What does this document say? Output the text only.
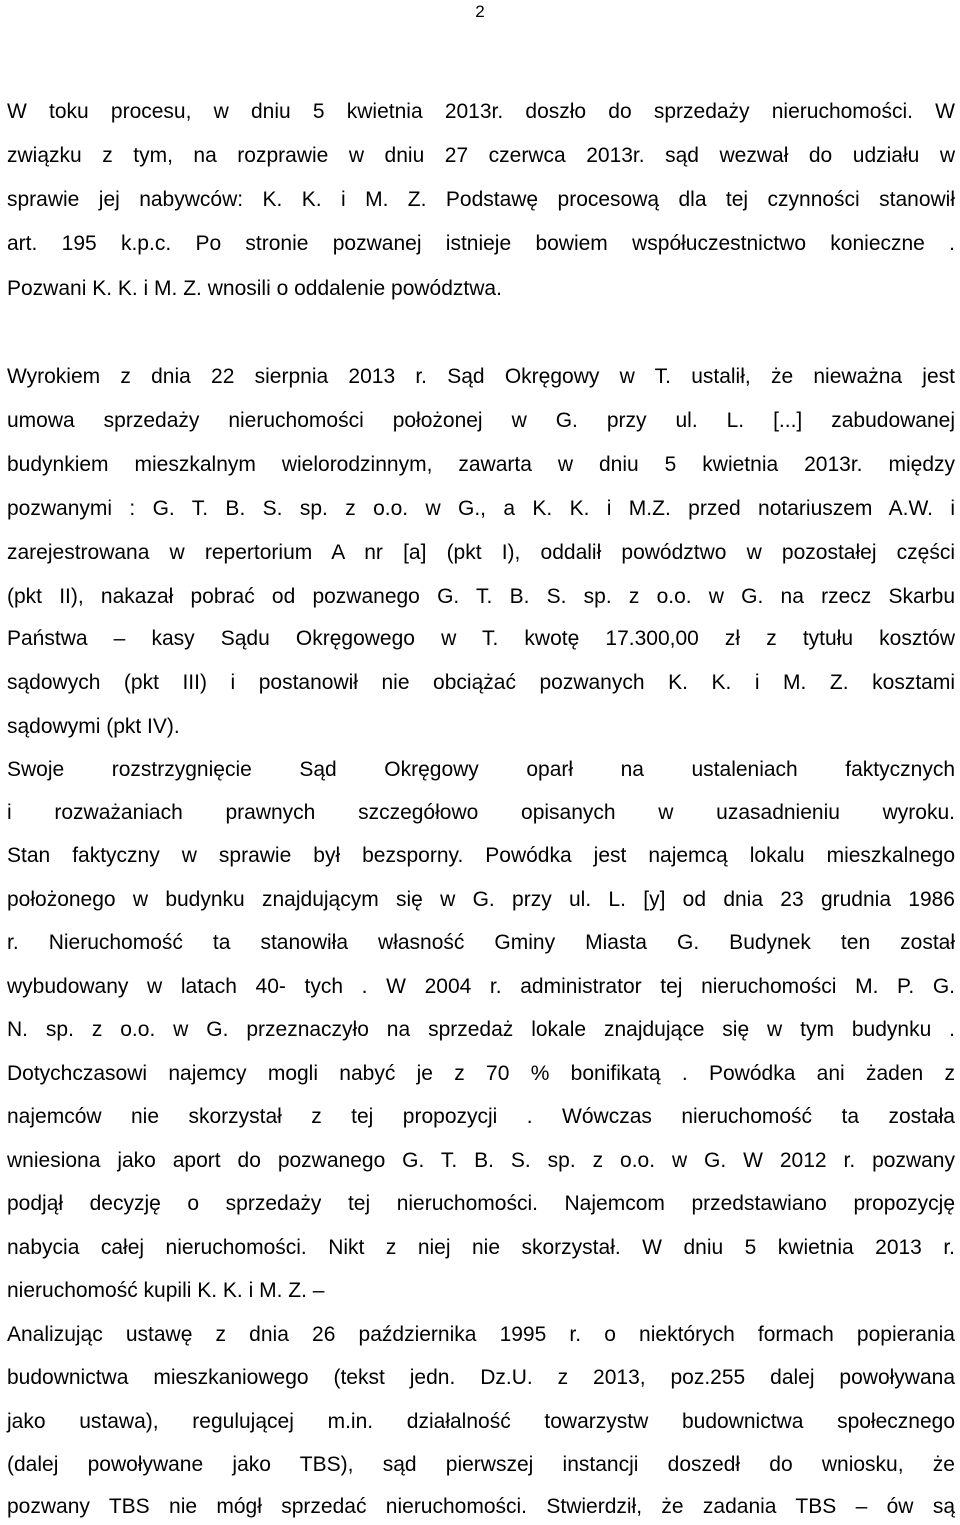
2
W toku procesu, w dniu 5 kwietnia 2013r. doszło do sprzedaży nieruchomości. W
związku z tym, na rozprawie w dniu 27 czerwca 2013r. sąd wezwał do udziału w
sprawie jej nabywców: K. K. i M. Z. Podstawę procesową dla tej czynności stanowił
art. 195 k.p.c. Po stronie pozwanej istnieje bowiem współuczestnictwo konieczne .
Pozwani K. K. i M. Z. wnosili o oddalenie powództwa.
Wyrokiem z dnia 22 sierpnia 2013 r. Sąd Okręgowy w T. ustalił, że nieważna jest
umowa sprzedaży nieruchomości położonej w G. przy ul. L. [...] zabudowanej
budynkiem mieszkalnym wielorodzinnym, zawarta w dniu 5 kwietnia 2013r. między
pozwanymi : G. T. B. S. sp. z o.o. w G., a K. K. i M.Z. przed notariuszem A.W. i
zarejestrowana w repertorium A nr [a] (pkt I), oddalił powództwo w pozostałej części
(pkt II), nakazał pobrać od pozwanego G. T. B. S. sp. z o.o. w G. na rzecz Skarbu
Państwa – kasy Sądu Okręgowego w T. kwotę 17.300,00 zł z tytułu kosztów
sądowych (pkt III) i postanowił nie obciążać pozwanych K. K. i M. Z. kosztami
sądowymi (pkt IV).
Swoje rozstrzygnięcie Sąd Okręgowy oparł na ustaleniach faktycznych
i rozważaniach prawnych szczegółowo opisanych w uzasadnieniu wyroku.
Stan faktyczny w sprawie był bezsporny. Powódka jest najemcą lokalu mieszkalnego
położonego w budynku znajdującym się w G. przy ul. L. [y] od dnia 23 grudnia 1986
r. Nieruchomość ta stanowiła własność Gminy Miasta G. Budynek ten został
wybudowany w latach 40- tych . W 2004 r. administrator tej nieruchomości M. P. G.
N. sp. z o.o. w G. przeznaczyło na sprzedaż lokale znajdujące się w tym budynku .
Dotychczasowi najemcy mogli nabyć je z 70 % bonifikatą . Powódka ani żaden z
najemców nie skorzystał z tej propozycji . Wówczas nieruchomość ta została
wniesiona jako aport do pozwanego G. T. B. S. sp. z o.o. w G. W 2012 r. pozwany
podjął decyzję o sprzedaży tej nieruchomości. Najemcom przedstawiano propozycję
nabycia całej nieruchomości. Nikt z niej nie skorzystał. W dniu 5 kwietnia 2013 r.
nieruchomość kupili K. K. i M. Z. –
Analizując ustawę z dnia 26 października 1995 r. o niektórych formach popierania
budownictwa mieszkaniowego (tekst jedn. Dz.U. z 2013, poz.255 dalej powoływana
jako ustawa), regulującej m.in. działalność towarzystw budownictwa społecznego
(dalej powoływane jako TBS), sąd pierwszej instancji doszedł do wniosku, że
pozwany TBS nie mógł sprzedać nieruchomości. Stwierdził, że zadania TBS – ów są
